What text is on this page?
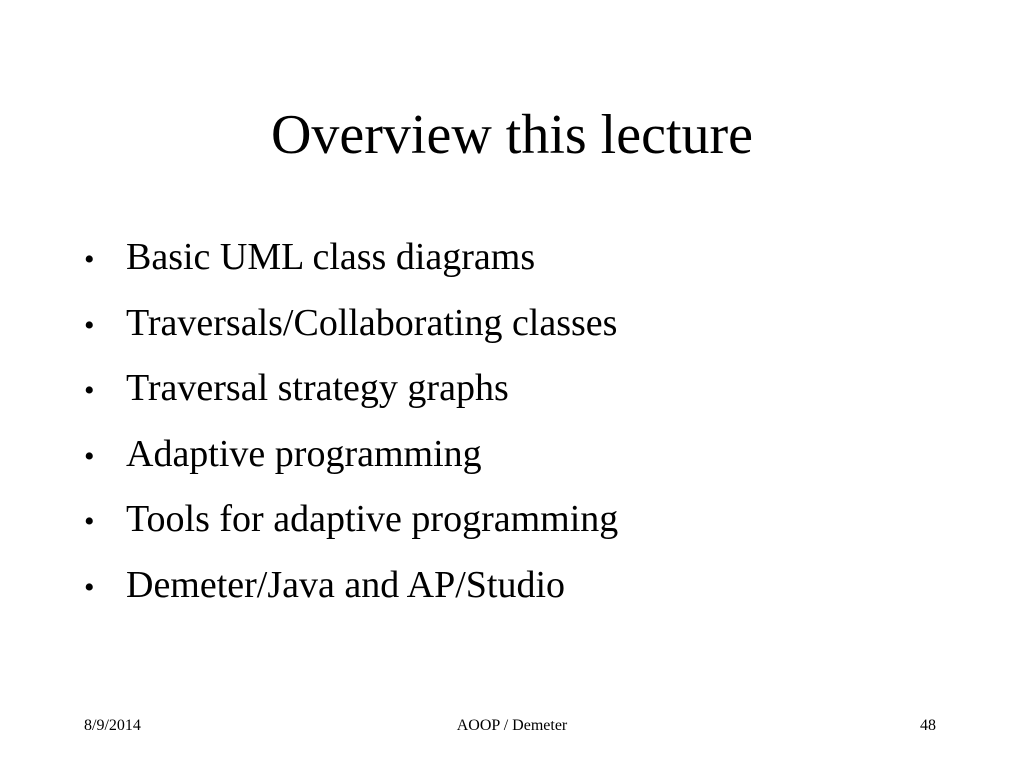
Overview this lecture
• Basic UML class diagrams
• Traversals/Collaborating classes
• Traversal strategy graphs
• Adaptive programming
• Tools for adaptive programming
• Demeter/Java and AP/Studio
8/9/2014	AOOP / Demeter	48
